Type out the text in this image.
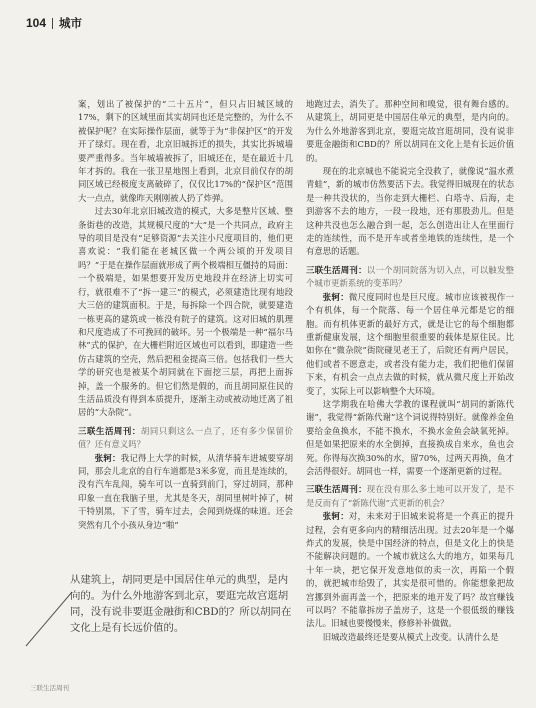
104 城市

案，划出了被保护的“二十五片”，但只占旧城区域的17%，剩下的区域里面其实胡同也还是完整的，为什么不被保护呢？在实际操作层面，就等于为“非保护区”的开发开了绿灯。现在看，北京旧城拆迁的损失，其实比拆城墙要严重得多。当年城墙被拆了，旧城还在，是在最近十几年才拆的。我在一张卫星地图上看到，北京目前仅存的胡同区域已经极度支离破碎了，仅仅比17%的“保护区”范围大一点点，就像昨天刚刚被人扔了炸弹。

过去30年北京旧城改造的模式，大多是整片区域、整条街巷的改造，其规模尺度的“大”是一个共同点，政府主导的项目是没有“足够资源”去关注小尺度项目的，他们更喜欢说：“我们能在老城区做一个两公顷的开发项目吗？”于是在操作层面就形成了两个极端相互僵持的局面：一个极端是，如果想要开发历史地段并在经济上切实可行，就很难不了“拆一建三”的模式，必须建造比现有地段大三倍的建筑面积。于是，每拆除一个四合院，就要建造一栋更高的建筑或一栋没有院子的建筑。这对旧城的肌理和尺度造成了不可挽回的破坏。另一个极端是一种“福尔马林”式的保护，在大栅栏附近区域也可以看到，即建造一些仿古建筑的空壳，然后把租金提高三倍。包括我们一些大学的研究也是被某个胡同就在下面挖三层，再把上面拆掉，盖一个服务的。但它们然是假的，而且胡同原住民的生活品质没有得到本质提升，逐渐主动或被动地迁离了祖居的“大杂院”。

三联生活周刊：胡同只剩这么一点了，还有多少保留价值？还有意义吗？

张轲：我记得上大学的时候，从清华骑车进城要穿胡同，那会儿北京的自行车道都是3米多宽，而且是连续的，没有汽车乱闯，骑车可以一直骑到前门，穿过胡同，那种印象一直在我脑子里，尤其是冬天，胡同里树叶掉了，树干特别黑，下了雪，骑车过去，会闻到烧煤的味道。还会突然有几个小孩从身边“啪”

从建筑上，胡同更是中国居住单元的典型，是内向的。为什么外地游客到北京，要逛完故宫逛胡同，没有说非要逛金融街和CBD的？所以胡同在文化上是有长远价值的。

地跑过去，消失了。那种空间和嗅觉，很有舞台感的。从建筑上，胡同更是中国居住单元的典型，是内向的。为什么外地游客到北京，要逛完故宫逛胡同，没有说非要逛金融街和CBD的？所以胡同在文化上是有长远价值的。

现在的北京城也不能说完全没救了，就像说“温水煮青蛙”，新的城市仿然要活下去。我觉得旧城现在的状态是一种共没状的，当你走到大栅栏、白塔寺、后海，走到游客不去的地方，一段一段地，还有那股劲儿。但是这种共没也怎么融合到一起，怎么创造出让人在里面行走的连续性，而不是开车或者坐地铁的连续性，是一个有意思的话题。

三联生活周刊：以一个胡同院落为切入点，可以触发整个城市更新系统的变革吗？

张轲：微尺度同时也是巨尺度。城市应该被视作一个有机体，每一个院落、每一个居住单元都是它的细胞。而有机体更新的最好方式，就是让它的每个细胞都重新健康发展，这个细胞里很重要的载体是原住民。比如你在“微杂院”街院碰见老王了，后院还有两户居民，他们或者不愿意走，或者没有能力走，我们把他们保留下来，有机会一点点去做的时候，就从微尺度上开始改变了，实际上可以影响整个大环境。

这学期我在哈佛大学教的课程就叫“胡同的新陈代谢”，我觉得“新陈代谢”这个词说得特别好。就像养金鱼要给金鱼换水，不能不换水，不换水金鱼会缺氧死掉。但是如果把原来的水全倒掉，直接换成自来水，鱼也会死。你得每次换30%的水，留70%，过两天再换，鱼才会活得很好。胡同也一样，需要一个逐渐更新的过程。

三联生活周刊：现在没有那么多土地可以开发了，是不是反而有了“新陈代谢”式更新的机会？

张轲：对，未来对于旧城来说将是一个真正的提升过程，会有更多向内的精细活出现。过去20年是一个爆炸式的发展，快是中国经济的特点，但是文化上的快是不能解决问题的。一个城市就这么大的地方，如果每几十年一块，把它保开发意地似的卖一次，再陷一个假的，就把城市给毁了，其实是很可惜的。你能想象把故宫挪到外面再盖一个，把原来的地开发了吗？故宫赚钱可以吗？不能靠拆房子盖房子，这是一个很低级的赚钱法儿。旧城也要慢慢来，修修补补做做。

旧城改造最终还是要从模式上改变。认清什么是

三联生活周刊
